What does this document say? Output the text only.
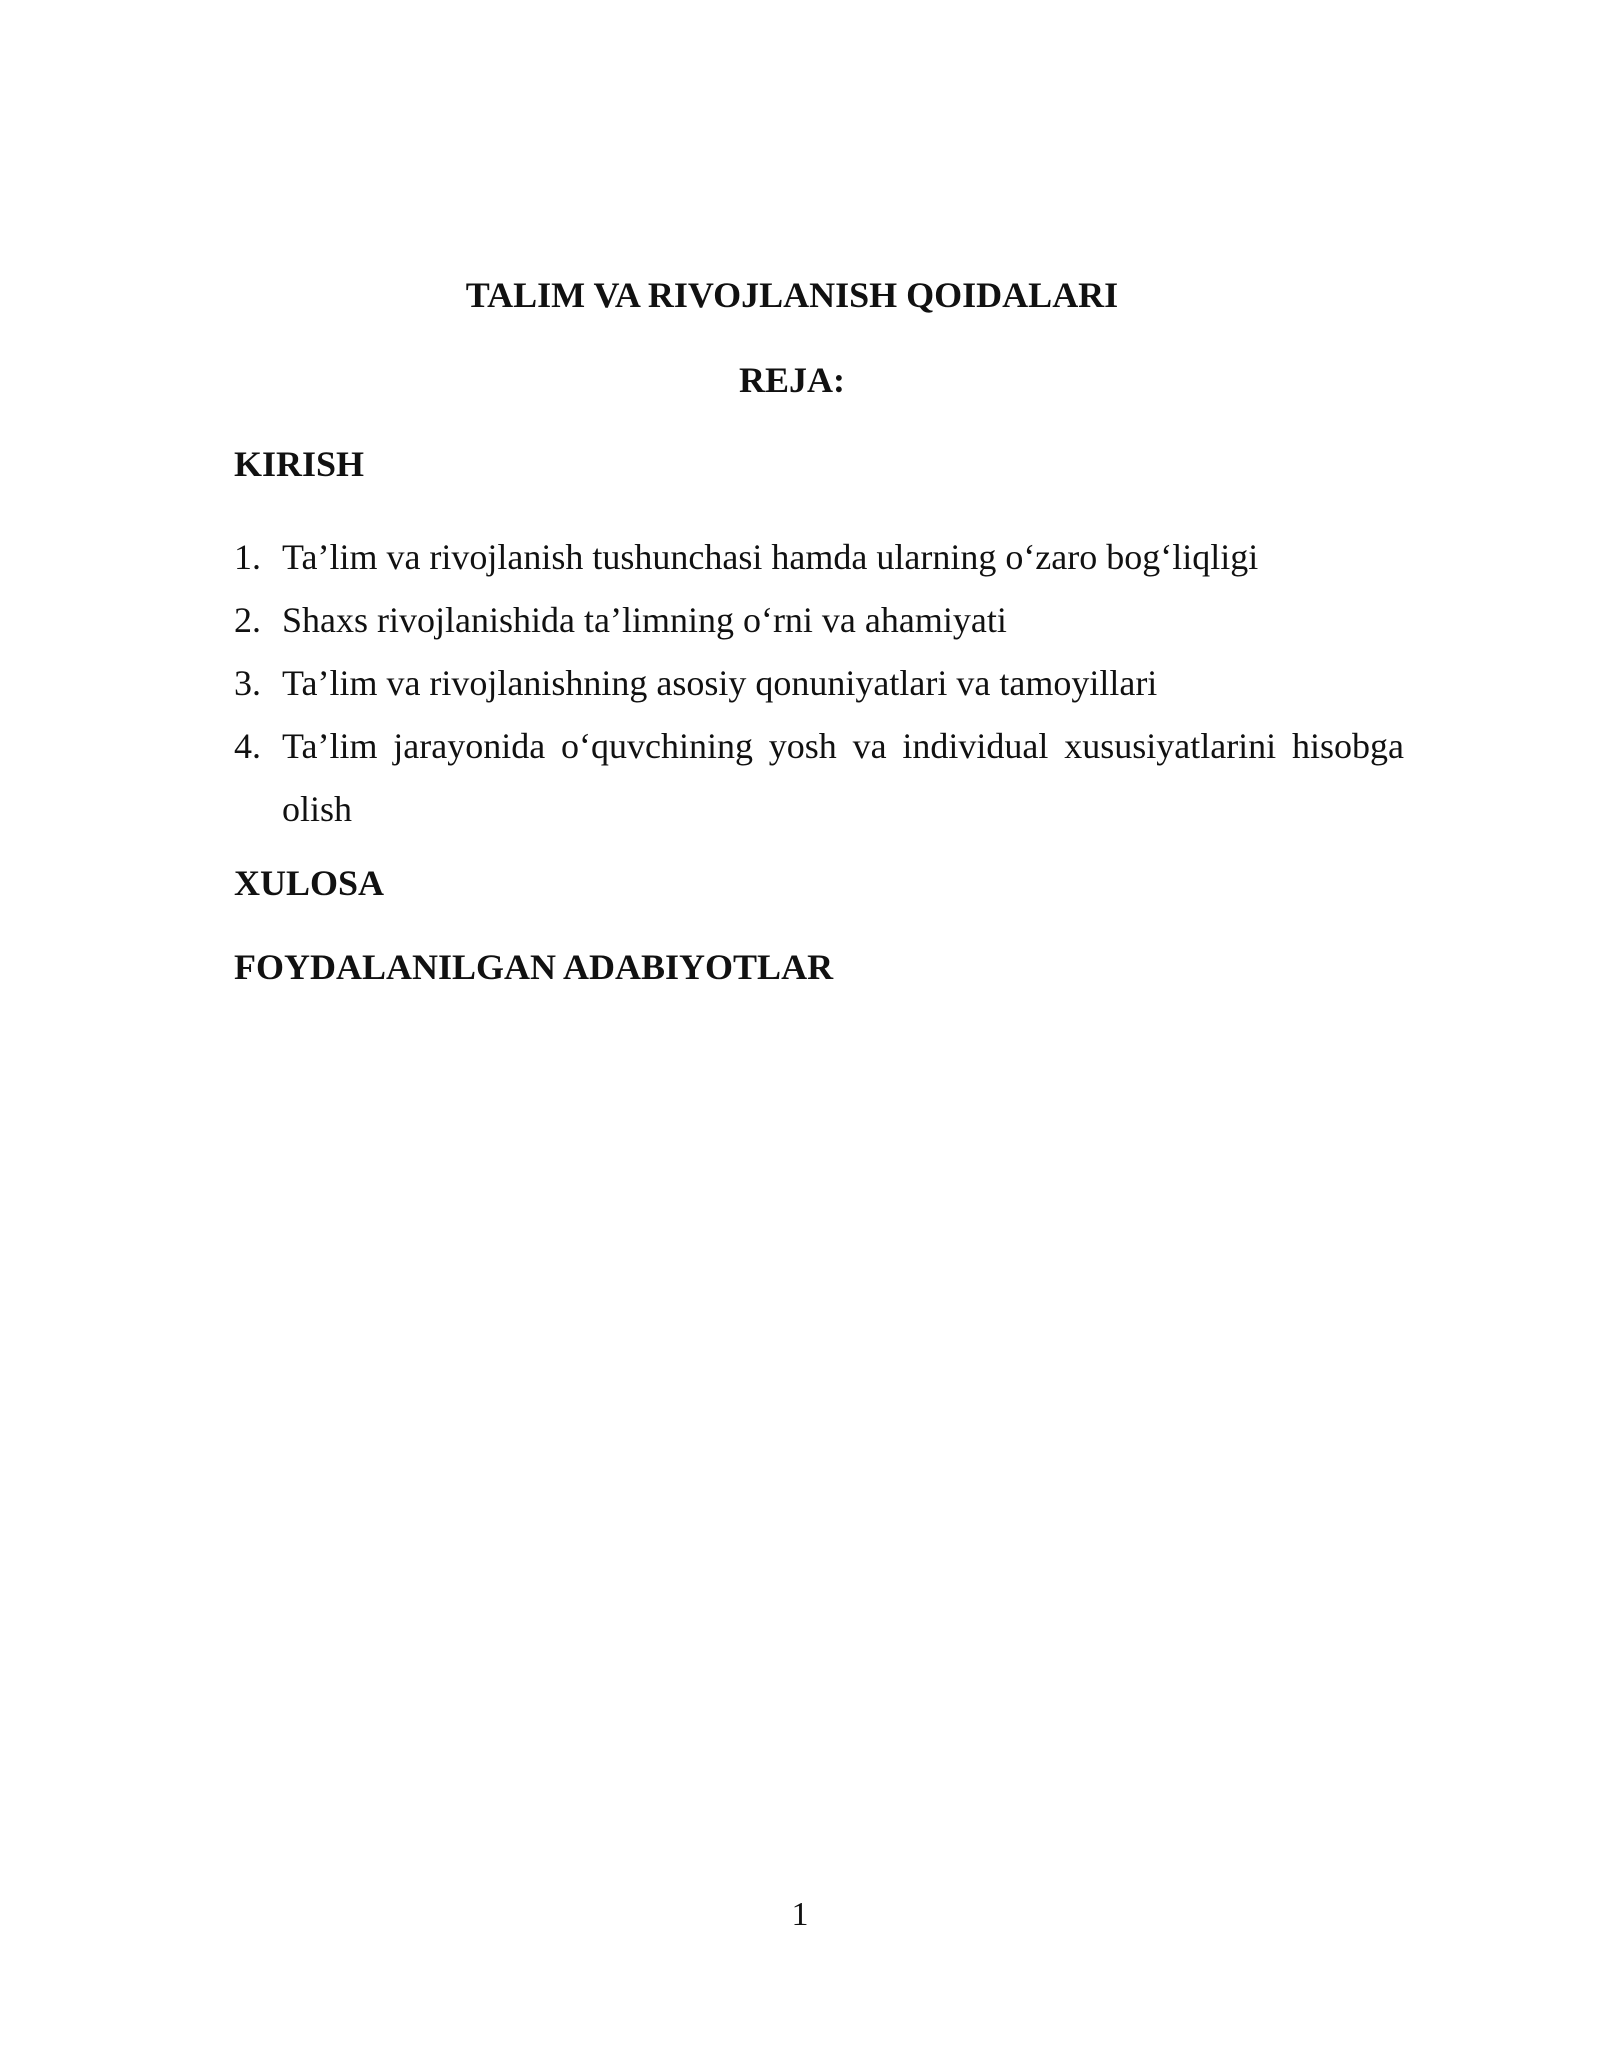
TALIM VA RIVOJLANISH QOIDALARI
REJA:
KIRISH
1. Ta’lim va rivojlanish tushunchasi hamda ularning o‘zaro bog‘liqligi
2. Shaxs rivojlanishida ta’limning o‘rni va ahamiyati
3. Ta’lim va rivojlanishning asosiy qonuniyatlari va tamoyillari
4. Ta’lim jarayonida o‘quvchining yosh va individual xususiyatlarini hisobga olish
XULOSA
FOYDALANILGAN ADABIYOTLAR
1
